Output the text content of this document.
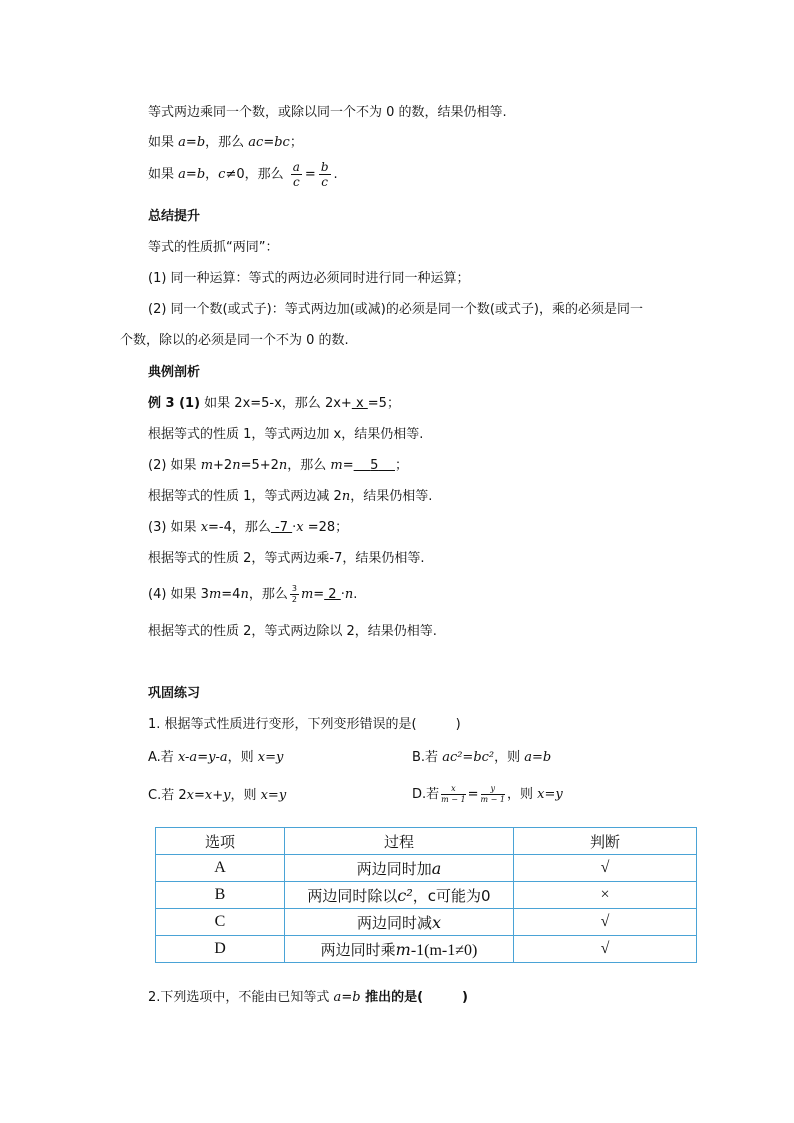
等式两边乘同一个数，或除以同一个不为 0 的数，结果仍相等.
如果 a=b，那么 ac=bc；
如果 a=b，c≠0，那么 $\frac{a}{c} = \frac{b}{c}$ .
总结提升
等式的性质抓“两同”：
(1) 同一种运算：等式的两边必须同时进行同一种运算；
(2) 同一个数(或式子)：等式两边加(或减)的必须是同一个数(或式子)，乘的必须是同一
个数，除以的必须是同一个不为 0 的数.
典例剖析
例 3 (1) 如果 2x=5-x，那么 2x+ x =5；
根据等式的性质 1，等式两边加 x，结果仍相等.
(2) 如果 m+2n=5+2n，那么 m= 5 ；
根据等式的性质 1，等式两边减 2n，结果仍相等.
(3) 如果 x=-4，那么 -7 ·x =28；
根据等式的性质 2，等式两边乘-7，结果仍相等.
(4) 如果 3m=4n，那么 $\frac{3}{2} m= 2 \cdot n$.
根据等式的性质 2，等式两边除以 2，结果仍相等.
巩固练习
1. 根据等式性质进行变形，下列变形错误的是(　　　)
A.若 x-a=y-a，则 x=y	B.若 ac²=bc²，则 a=b
C.若 2x=x+y，则 x=y	D.若 $\frac{x}{m - 1} = \frac{y}{m - 1}$ ，则 x=y
选项	过程	判断
A	两边同时加a	√
B	两边同时除以c²，c可能为0	×
C	两边同时减x	√
D	两边同时乘m-1(m-1≠0)	√
2.下列选项中，不能由已知等式 a=b 推出的是(　　　)
